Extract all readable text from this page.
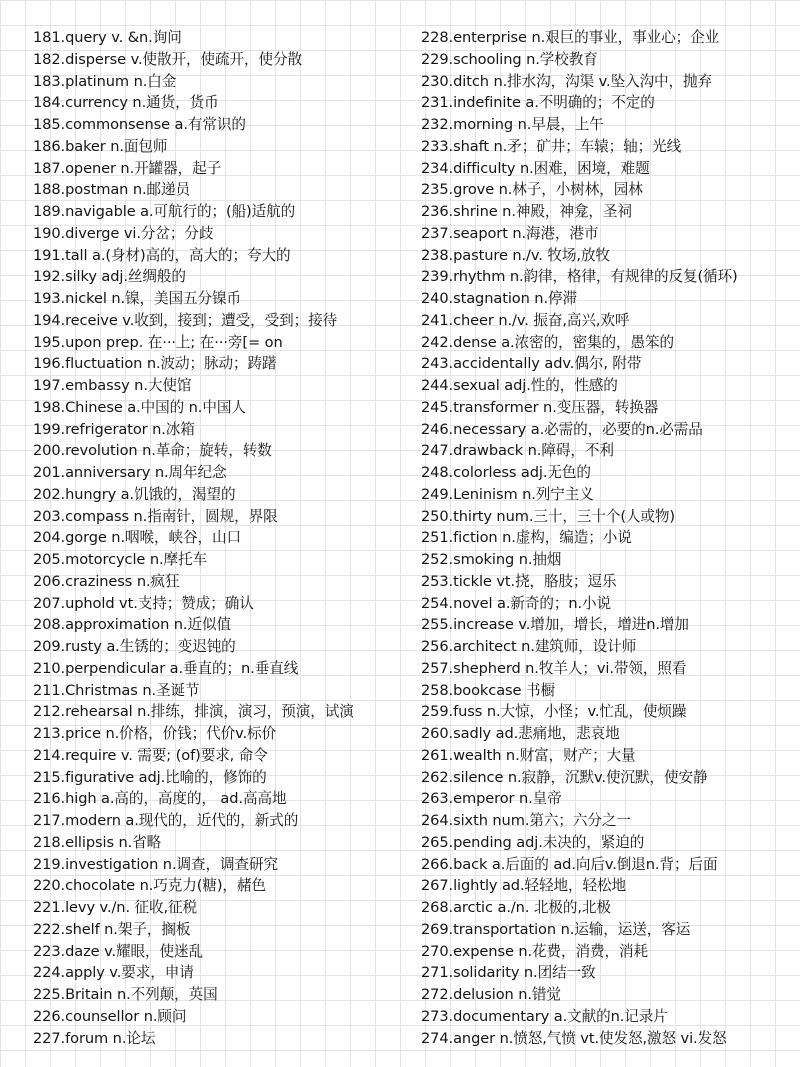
181.query v. &n.询问
182.disperse v.使散开，使疏开，使分散
183.platinum n.白金
184.currency n.通货，货币
185.commonsense a.有常识的
186.baker n.面包师
187.opener n.开罐器，起子
188.postman n.邮递员
189.navigable a.可航行的；(船)适航的
190.diverge vi.分岔；分歧
191.tall a.(身材)高的，高大的；夸大的
192.silky adj.丝绸般的
193.nickel n.镍，美国五分镍币
194.receive v.收到，接到；遭受，受到；接待
195.upon prep. 在···上; 在···旁[= on
196.fluctuation n.波动；脉动；踌躇
197.embassy n.大使馆
198.Chinese a.中国的 n.中国人
199.refrigerator n.冰箱
200.revolution n.革命；旋转，转数
201.anniversary n.周年纪念
202.hungry a.饥饿的，渴望的
203.compass n.指南针，圆规，界限
204.gorge n.咽喉，峡谷，山口
205.motorcycle n.摩托车
206.craziness n.疯狂
207.uphold vt.支持；赞成；确认
208.approximation n.近似值
209.rusty a.生锈的；变迟钝的
210.perpendicular a.垂直的；n.垂直线
211.Christmas n.圣诞节
212.rehearsal n.排练，排演，演习，预演，试演
213.price n.价格，价钱；代价v.标价
214.require v. 需要; (of)要求, 命令
215.figurative adj.比喻的，修饰的
216.high a.高的，高度的， ad.高高地
217.modern a.现代的，近代的，新式的
218.ellipsis n.省略
219.investigation n.调查，调查研究
220.chocolate n.巧克力(糖)，赭色
221.levy v./n. 征收,征税
222.shelf n.架子，搁板
223.daze v.耀眼，使迷乱
224.apply v.要求，申请
225.Britain n.不列颠，英国
226.counsellor n.顾问
227.forum n.论坛
228.enterprise n.艰巨的事业，事业心；企业
229.schooling n.学校教育
230.ditch n.排水沟，沟渠 v.坠入沟中，抛弃
231.indefinite a.不明确的；不定的
232.morning n.早晨，上午
233.shaft n.矛；矿井；车辕；轴；光线
234.difficulty n.困难，困境，难题
235.grove n.林子，小树林，园林
236.shrine n.神殿，神龛，圣祠
237.seaport n.海港，港市
238.pasture n./v. 牧场,放牧
239.rhythm n.韵律，格律，有规律的反复(循环)
240.stagnation n.停滞
241.cheer n./v. 振奋,高兴,欢呼
242.dense a.浓密的，密集的，愚笨的
243.accidentally adv.偶尔, 附带
244.sexual adj.性的，性感的
245.transformer n.变压器，转换器
246.necessary a.必需的，必要的n.必需品
247.drawback n.障碍，不利
248.colorless adj.无色的
249.Leninism n.列宁主义
250.thirty num.三十，三十个(人或物)
251.fiction n.虚构，编造；小说
252.smoking n.抽烟
253.tickle vt.挠，胳肢；逗乐
254.novel a.新奇的；n.小说
255.increase v.增加，增长，增进n.增加
256.architect n.建筑师，设计师
257.shepherd n.牧羊人；vi.带领，照看
258.bookcase 书橱
259.fuss n.大惊，小怪；v.忙乱，使烦躁
260.sadly ad.悲痛地，悲哀地
261.wealth n.财富，财产；大量
262.silence n.寂静，沉默v.使沉默，使安静
263.emperor n.皇帝
264.sixth num.第六；六分之一
265.pending adj.未决的，紧迫的
266.back a.后面的 ad.向后v.倒退n.背；后面
267.lightly ad.轻轻地，轻松地
268.arctic a./n. 北极的,北极
269.transportation n.运输，运送，客运
270.expense n.花费，消费，消耗
271.solidarity n.团结一致
272.delusion n.错觉
273.documentary a.文献的n.记录片
274.anger n.愤怒,气愤 vt.使发怒,激怒 vi.发怒
